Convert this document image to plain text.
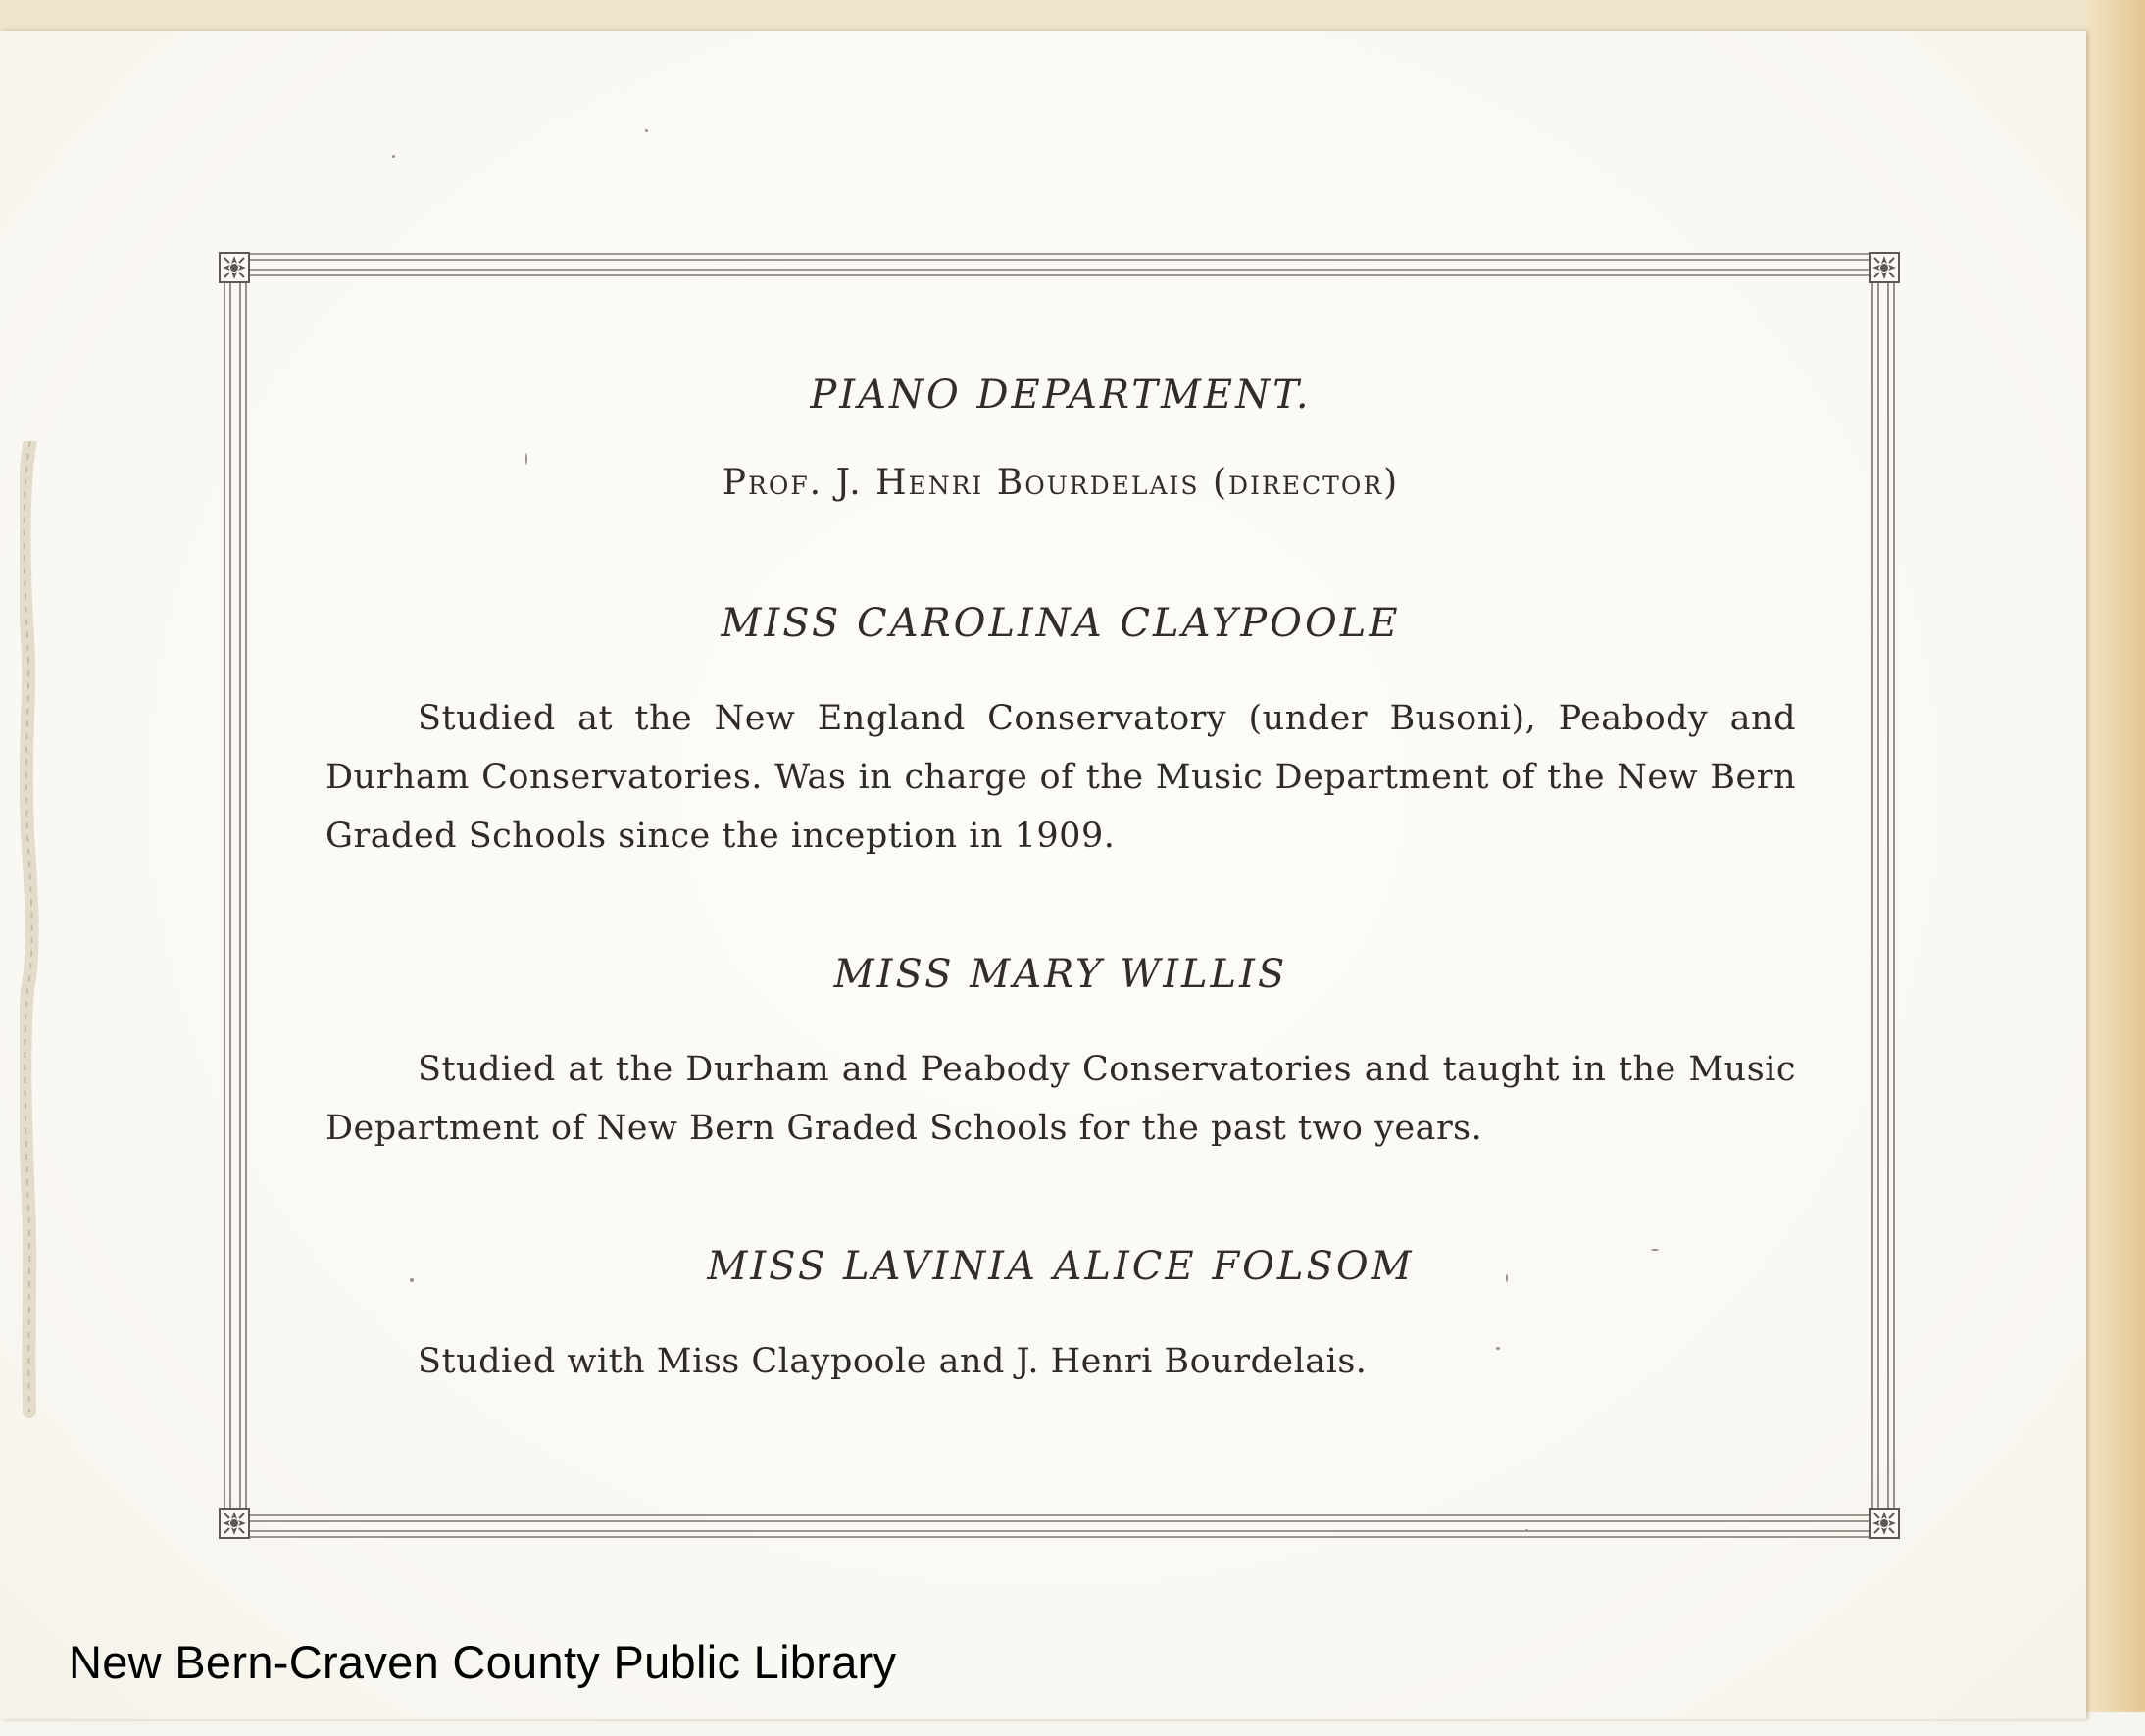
PIANO DEPARTMENT.
Prof. J. Henri Bourdelais (director)
MISS CAROLINA CLAYPOOLE

Studied at the New England Conservatory (under Busoni), Peabody and Durham Conservatories. Was in charge of the Music Department of the New Bern Graded Schools since the inception in 1909.

MISS MARY WILLIS

Studied at the Durham and Peabody Conservatories and taught in the Music Department of New Bern Graded Schools for the past two years.

MISS LAVINIA ALICE FOLSOM

Studied with Miss Claypoole and J. Henri Bourdelais.

New Bern-Craven County Public Library
